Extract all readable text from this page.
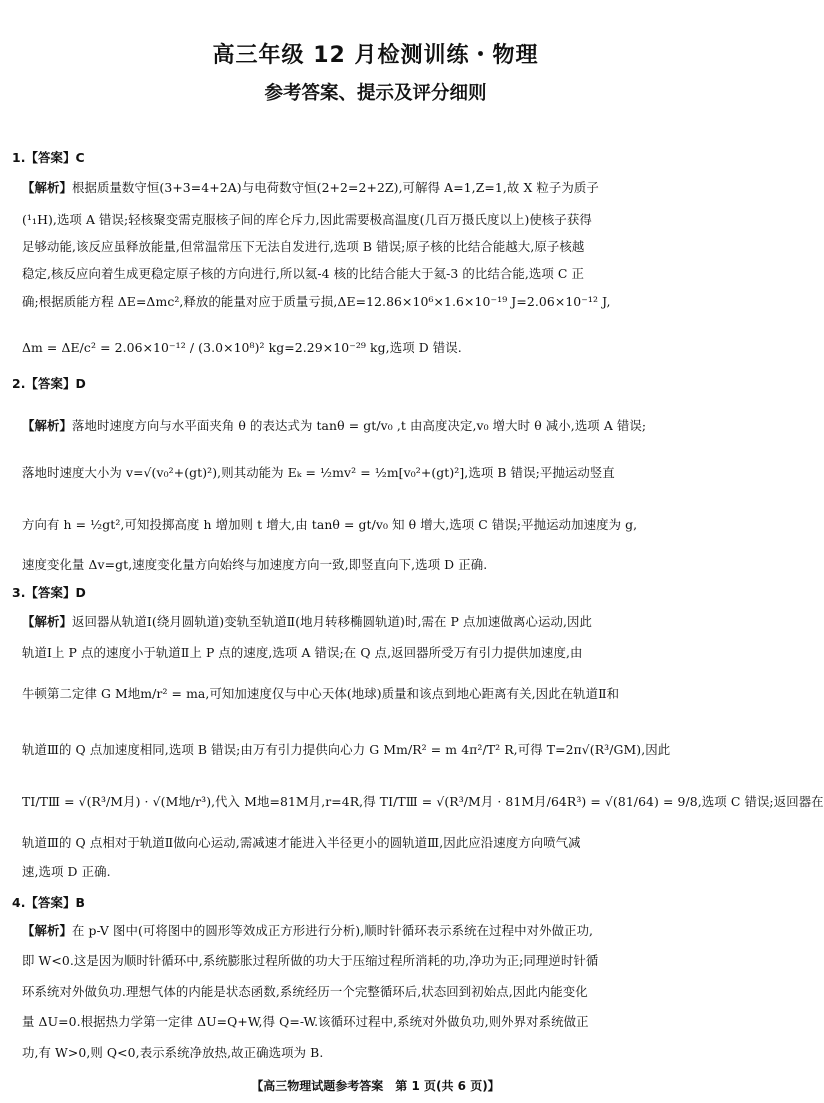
高三年级 12 月检测训练・物理
参考答案、提示及评分细则
1.【答案】C
【解析】根据质量数守恒(3+3=4+2A)与电荷数守恒(2+2=2+2Z),可解得 A=1,Z=1,故 X 粒子为质子
(¹₁H),选项 A 错误;轻核聚变需克服核子间的库仑斥力,因此需要极高温度(几百万摄氏度以上)使核子获得
足够动能,该反应虽释放能量,但常温常压下无法自发进行,选项 B 错误;原子核的比结合能越大,原子核越
稳定,核反应向着生成更稳定原子核的方向进行,所以氦-4 核的比结合能大于氦-3 的比结合能,选项 C 正
确;根据质能方程 ΔE=Δmc²,释放的能量对应于质量亏损,ΔE=12.86×10⁶×1.6×10⁻¹⁹ J=2.06×10⁻¹² J,
Δm = ΔE/c² = 2.06×10⁻¹² / (3.0×10⁸)² kg=2.29×10⁻²⁹ kg,选项 D 错误.
2.【答案】D
【解析】落地时速度方向与水平面夹角 θ 的表达式为 tanθ = gt/v₀ ,t 由高度决定,v₀ 增大时 θ 减小,选项 A 错误;
落地时速度大小为 v=√(v₀²+(gt)²),则其动能为 Eₖ = ½mv² = ½m[v₀²+(gt)²],选项 B 错误;平抛运动竖直
方向有 h = ½gt²,可知投掷高度 h 增加则 t 增大,由 tanθ = gt/v₀ 知 θ 增大,选项 C 错误;平抛运动加速度为 g,
速度变化量 Δv=gt,速度变化量方向始终与加速度方向一致,即竖直向下,选项 D 正确.
3.【答案】D
【解析】返回器从轨道Ⅰ(绕月圆轨道)变轨至轨道Ⅱ(地月转移椭圆轨道)时,需在 P 点加速做离心运动,因此
轨道Ⅰ上 P 点的速度小于轨道Ⅱ上 P 点的速度,选项 A 错误;在 Q 点,返回器所受万有引力提供加速度,由
牛顿第二定律 G M地m/r² = ma,可知加速度仅与中心天体(地球)质量和该点到地心距离有关,因此在轨道Ⅱ和
轨道Ⅲ的 Q 点加速度相同,选项 B 错误;由万有引力提供向心力 G Mm/R² = m 4π²/T² R,可得 T=2π√(R³/GM),因此
TⅠ/TⅢ = √(R³/M月) · √(M地/r³),代入 M地=81M月,r=4R,得 TⅠ/TⅢ = √(R³/M月 · 81M月/64R³) = √(81/64) = 9/8,选项 C 错误;返回器在
轨道Ⅲ的 Q 点相对于轨道Ⅱ做向心运动,需减速才能进入半径更小的圆轨道Ⅲ,因此应沿速度方向喷气减
速,选项 D 正确.
4.【答案】B
【解析】在 p-V 图中(可将图中的圆形等效成正方形进行分析),顺时针循环表示系统在过程中对外做正功,
即 W<0.这是因为顺时针循环中,系统膨胀过程所做的功大于压缩过程所消耗的功,净功为正;同理逆时针循
环系统对外做负功.理想气体的内能是状态函数,系统经历一个完整循环后,状态回到初始点,因此内能变化
量 ΔU=0.根据热力学第一定律 ΔU=Q+W,得 Q=-W.该循环过程中,系统对外做负功,则外界对系统做正
功,有 W>0,则 Q<0,表示系统净放热,故正确选项为 B.
【高三物理试题参考答案　第 1 页(共 6 页)】
